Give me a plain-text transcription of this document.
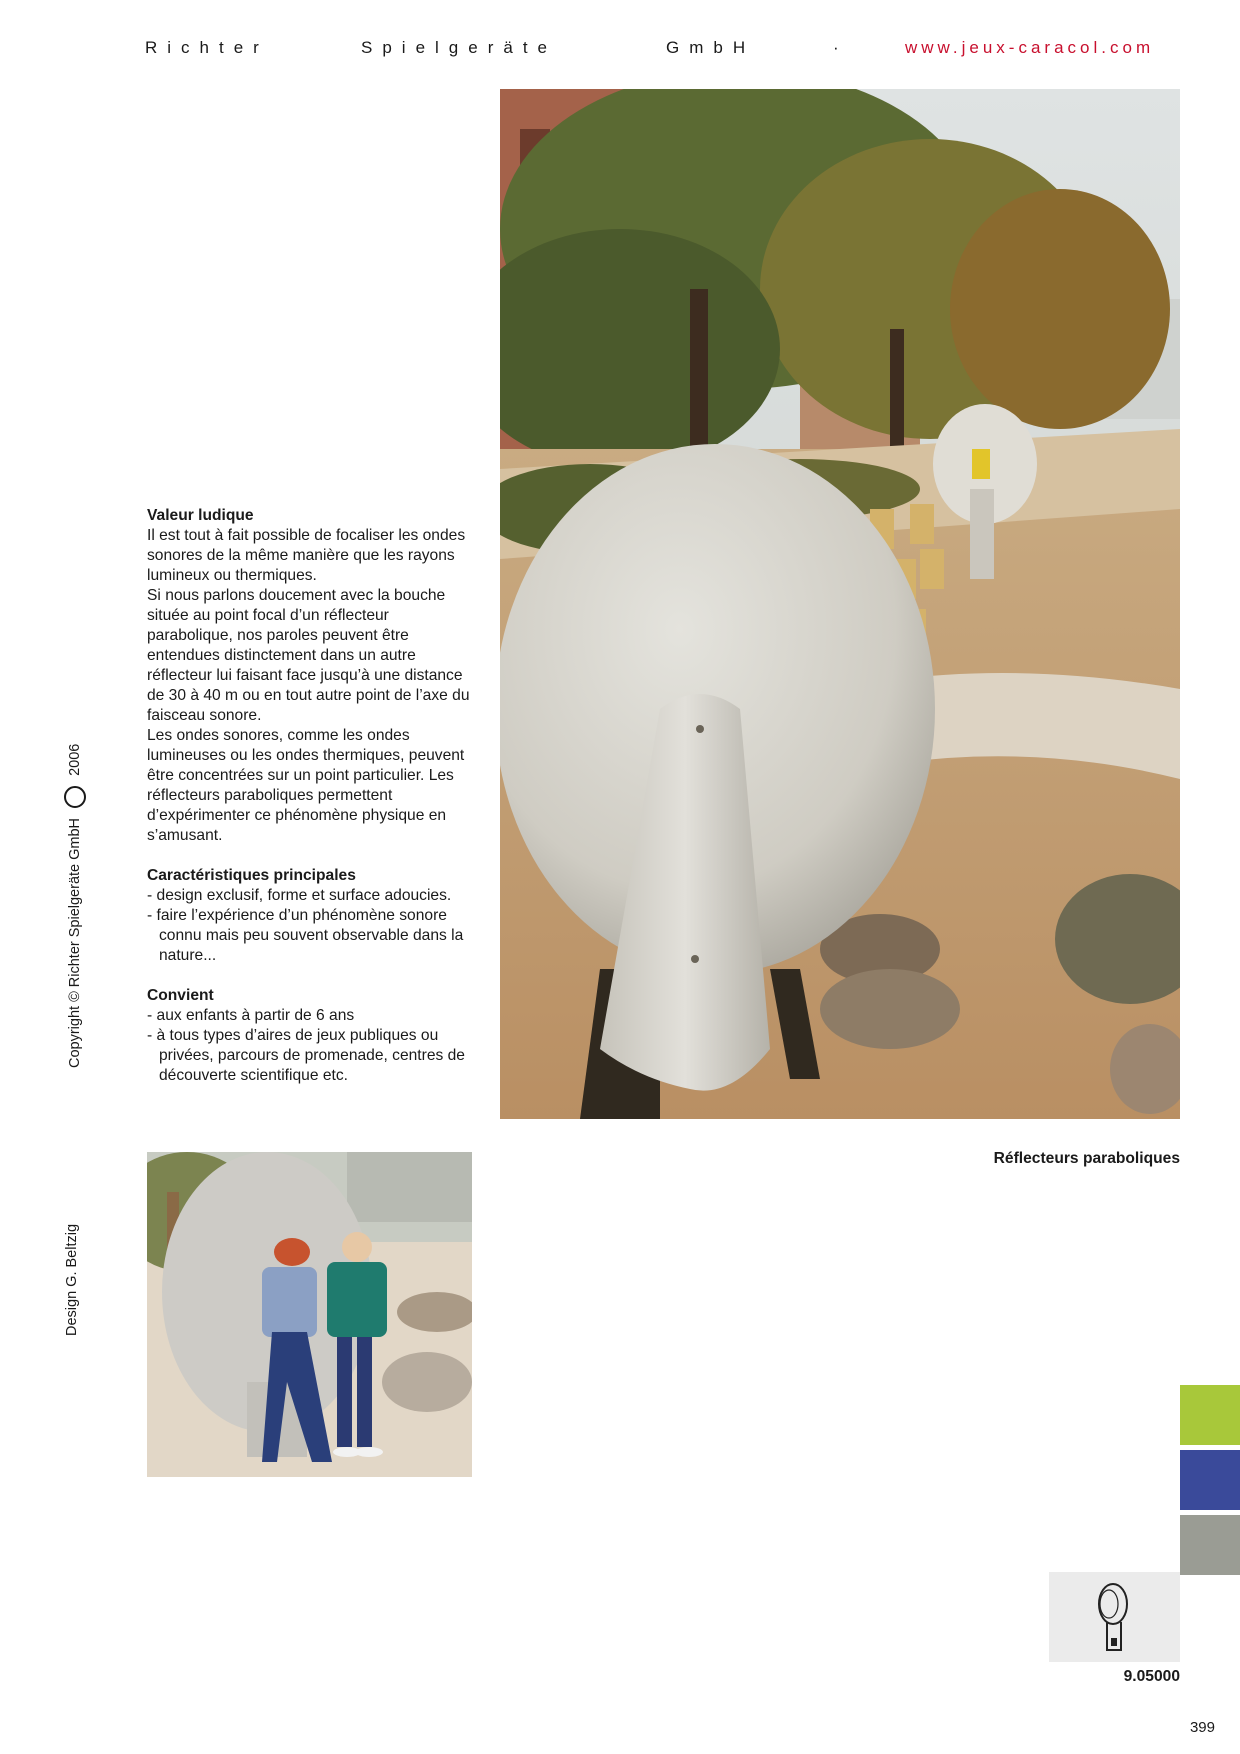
Richter	Spielgeräte	GmbH	·	www.jeux-caracol.com
Valeur ludique

Il est tout à fait possible de focaliser les ondes sonores de la même manière que les rayons lumineux ou thermiques.

Si nous parlons doucement avec la bouche située au point focal d’un réflecteur parabolique, nos paroles peuvent être entendues distinctement dans un autre réflecteur lui faisant face jusqu’à une distance de 30 à 40 m ou en tout autre point de l’axe du faisceau sonore.

Les ondes sonores, comme les ondes lumineuses ou les ondes thermiques, peuvent être concentrées sur un point particulier. Les réflecteurs paraboliques permettent d’expérimenter ce phénomène physique en s’amusant.

Caractéristiques principales
- design exclusif, forme et surface adoucies.
- faire l’expérience d’un phénomène sonore connu mais peu souvent observable dans la nature...
Convient
- aux enfants à partir de 6 ans
- à tous types d’aires de jeux publiques ou privées, parcours de promenade, centres de découverte scientifique etc.
Copyright © Richter Spielgeräte GmbH  2006
Design G. Beltzig
Réflecteurs paraboliques
9.05000
399
